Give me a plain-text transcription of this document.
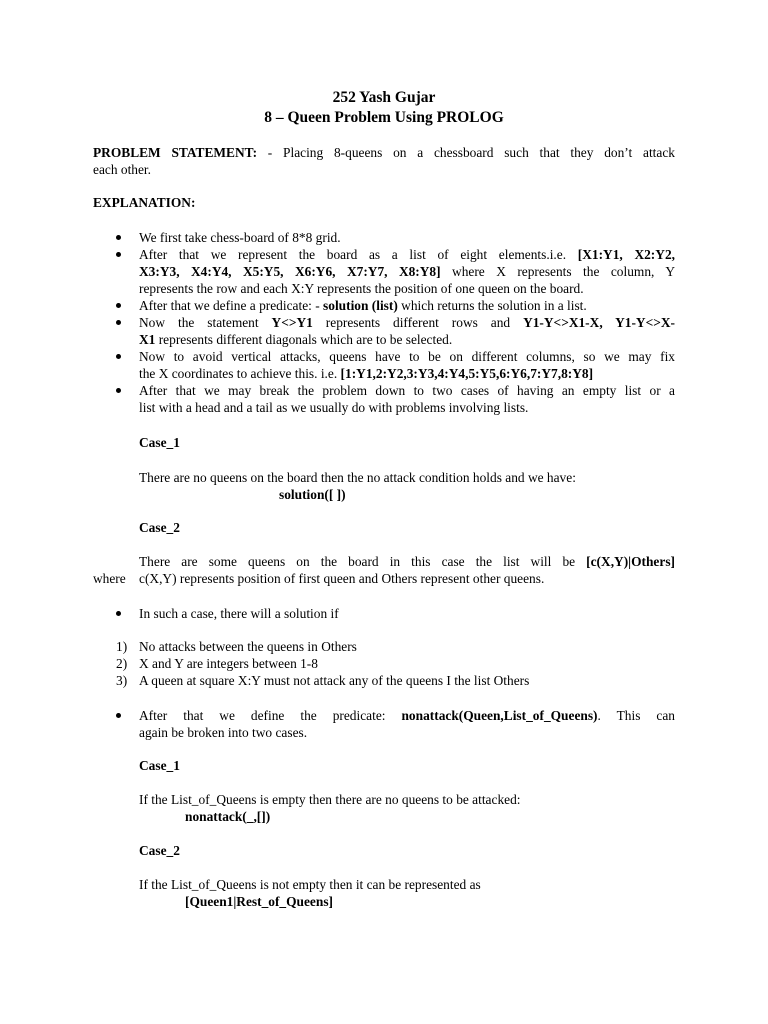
252 Yash Gujar
8 – Queen Problem Using PROLOG
PROBLEM STATEMENT: - Placing 8-queens on a chessboard such that they don’t attack
each other.
EXPLANATION:
We first take chess-board of 8*8 grid.
After that we represent the board as a list of eight elements.i.e. [X1:Y1, X2:Y2,
X3:Y3, X4:Y4, X5:Y5, X6:Y6, X7:Y7, X8:Y8] where X represents the column, Y
represents the row and each X:Y represents the position of one queen on the board.
After that we define a predicate: - solution (list) which returns the solution in a list.
Now the statement Y<>Y1 represents different rows and Y1-Y<>X1-X, Y1-Y<>X-
X1 represents different diagonals which are to be selected.
Now to avoid vertical attacks, queens have to be on different columns, so we may fix
the X coordinates to achieve this. i.e. [1:Y1,2:Y2,3:Y3,4:Y4,5:Y5,6:Y6,7:Y7,8:Y8]
After that we may break the problem down to two cases of having an empty list or a
list with a head and a tail as we usually do with problems involving lists.
Case_1
There are no queens on the board then the no attack condition holds and we have:
solution([ ])
Case_2
There are some queens on the board in this case the list will be [c(X,Y)|Others]
where c(X,Y) represents position of first queen and Others represent other queens.
In such a case, there will a solution if
1) No attacks between the queens in Others
2) X and Y are integers between 1-8
3) A queen at square X:Y must not attack any of the queens I the list Others
After that we define the predicate: nonattack(Queen,List_of_Queens). This can
again be broken into two cases.
Case_1
If the List_of_Queens is empty then there are no queens to be attacked:
nonattack(_,[])
Case_2
If the List_of_Queens is not empty then it can be represented as
[Queen1|Rest_of_Queens]
